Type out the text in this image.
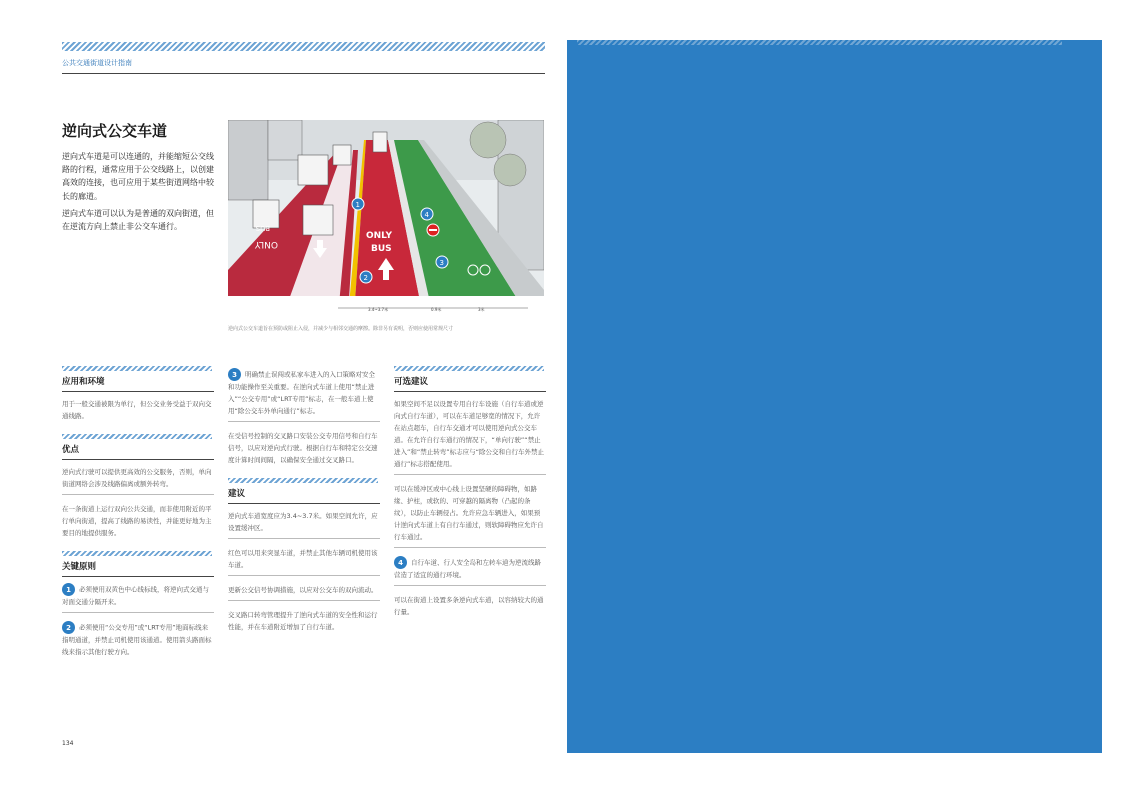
公共交通街道设计指南
逆向式公交车道

逆向式车道是可以连通的，并能缩短公交线路的行程，通常应用于公交线路上，以创建高效的连接，也可应用于某些街道网络中较长的廊道。

逆向式车道可以认为是普通的双向街道，但在逆流方向上禁止非公交车通行。	BUS
ONLY
ONLY
BUS
1
2
3
4
3.4~3.7米	0.9米	3米
逆向式公交车道旨在预防或阻止入侵，并减少与相邻交通的摩擦。除非另有说明，否则应使用常规尺寸
应用和环境
用于一般交通被限为单行，但公交业务受益于双向交通线路。
优点
逆向式行驶可以提供更高效的公交服务，否则，单向街道网络会涉及线路偏离或额外转弯。
在一条街道上运行双向公共交通，而非使用附近的平行单向街道，提高了线路的易读性，并能更好地为主要目的地提供服务。
关键原则
1 必须使用双黄色中心线标线，将逆向式交通与对面交通分隔开来。
2 必须使用“公交专用”或“LRT专用”地面标线来指明通道，并禁止司机使用该通道。使用箭头路面标线来指示其他行驶方向。
3 明确禁止误闯或私家车进入的入口策略对安全和功能操作至关重要。在逆向式车道上使用“禁止进入”“公交专用”或“LRT专用”标志，在一般车道上使用“除公交车外单向通行”标志。
在受信号控制的交叉路口安装公交专用信号和自行车信号，以应对逆向式行驶。根据自行车和特定公交速度计算时间间隔，以确保安全通过交叉路口。
建议
逆向式车道宽度应为3.4~3.7米。如果空间允许，应设置缓冲区。
红色可以用来突显车道，并禁止其他车辆司机使用该车道。
更新公交信号协调措施，以应对公交车的双向流动。
交叉路口转弯管理提升了逆向式车道的安全性和运行性能，并在车道附近增加了自行车道。
可选建议
如果空间不足以设置专用自行车设施（自行车道或逆向式自行车道），可以在车道足够宽的情况下，允许在站点超车，自行车交通才可以使用逆向式公交车道。在允许自行车通行的情况下，“单向行驶”“禁止进入”和“禁止转弯”标志应与“除公交和自行车外禁止通行”标志搭配使用。
可以在缓冲区或中心线上设置坚硬的障碍物，如路缘、护柱，或软的、可穿越的隔离物（凸起的条纹），以防止车辆侵占。允许应急车辆进入，如果预计逆向式车道上有自行车通过，则软障碍物应允许自行车通过。
4 自行车道、行人安全岛和左转车道为逆流线路营造了适宜的通行环境。
可以在街道上设置多条逆向式车道，以容纳较大的通行量。
134
